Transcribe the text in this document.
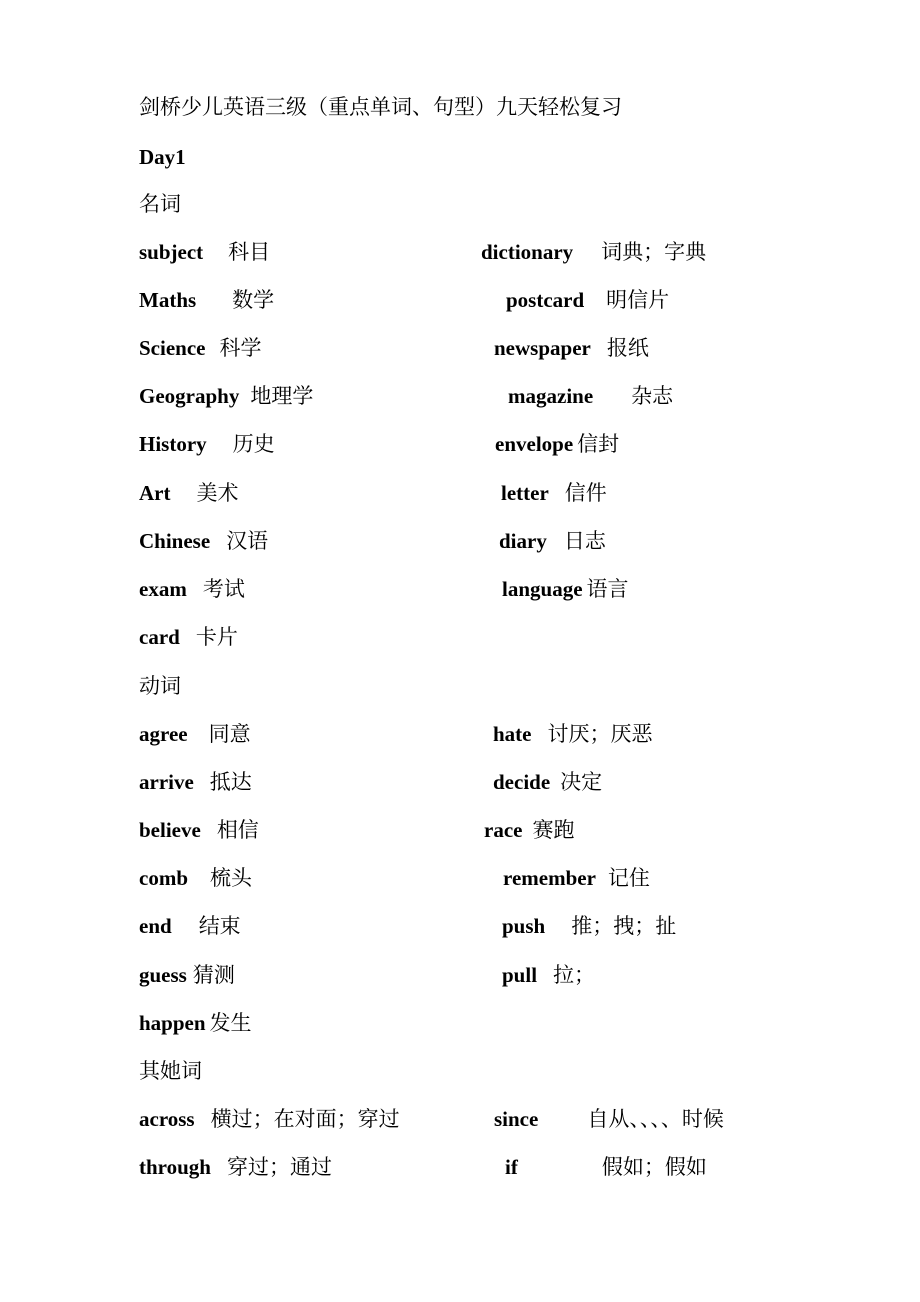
剑桥少儿英语三级（重点单词、句型）九天轻松复习
Day1
名词
subject 科目
Maths 数学
Science 科学
Geography 地理学
History 历史
Art 美术
Chinese 汉语
exam 考试
card 卡片
dictionary 词典；字典
postcard 明信片
newspaper 报纸
magazine 杂志
envelope 信封
letter 信件
diary 日志
language 语言
动词
agree 同意
arrive 抵达
believe 相信
comb 梳头
end 结束
guess 猜测
happen 发生
hate 讨厌；厌恶
decide 决定
race 赛跑
remember 记住
push 推；拽；扯
pull 拉；
其她词
across 横过；在对面；穿过
through 穿过；通过
since 自从、、、、时候
if	假如；假如
